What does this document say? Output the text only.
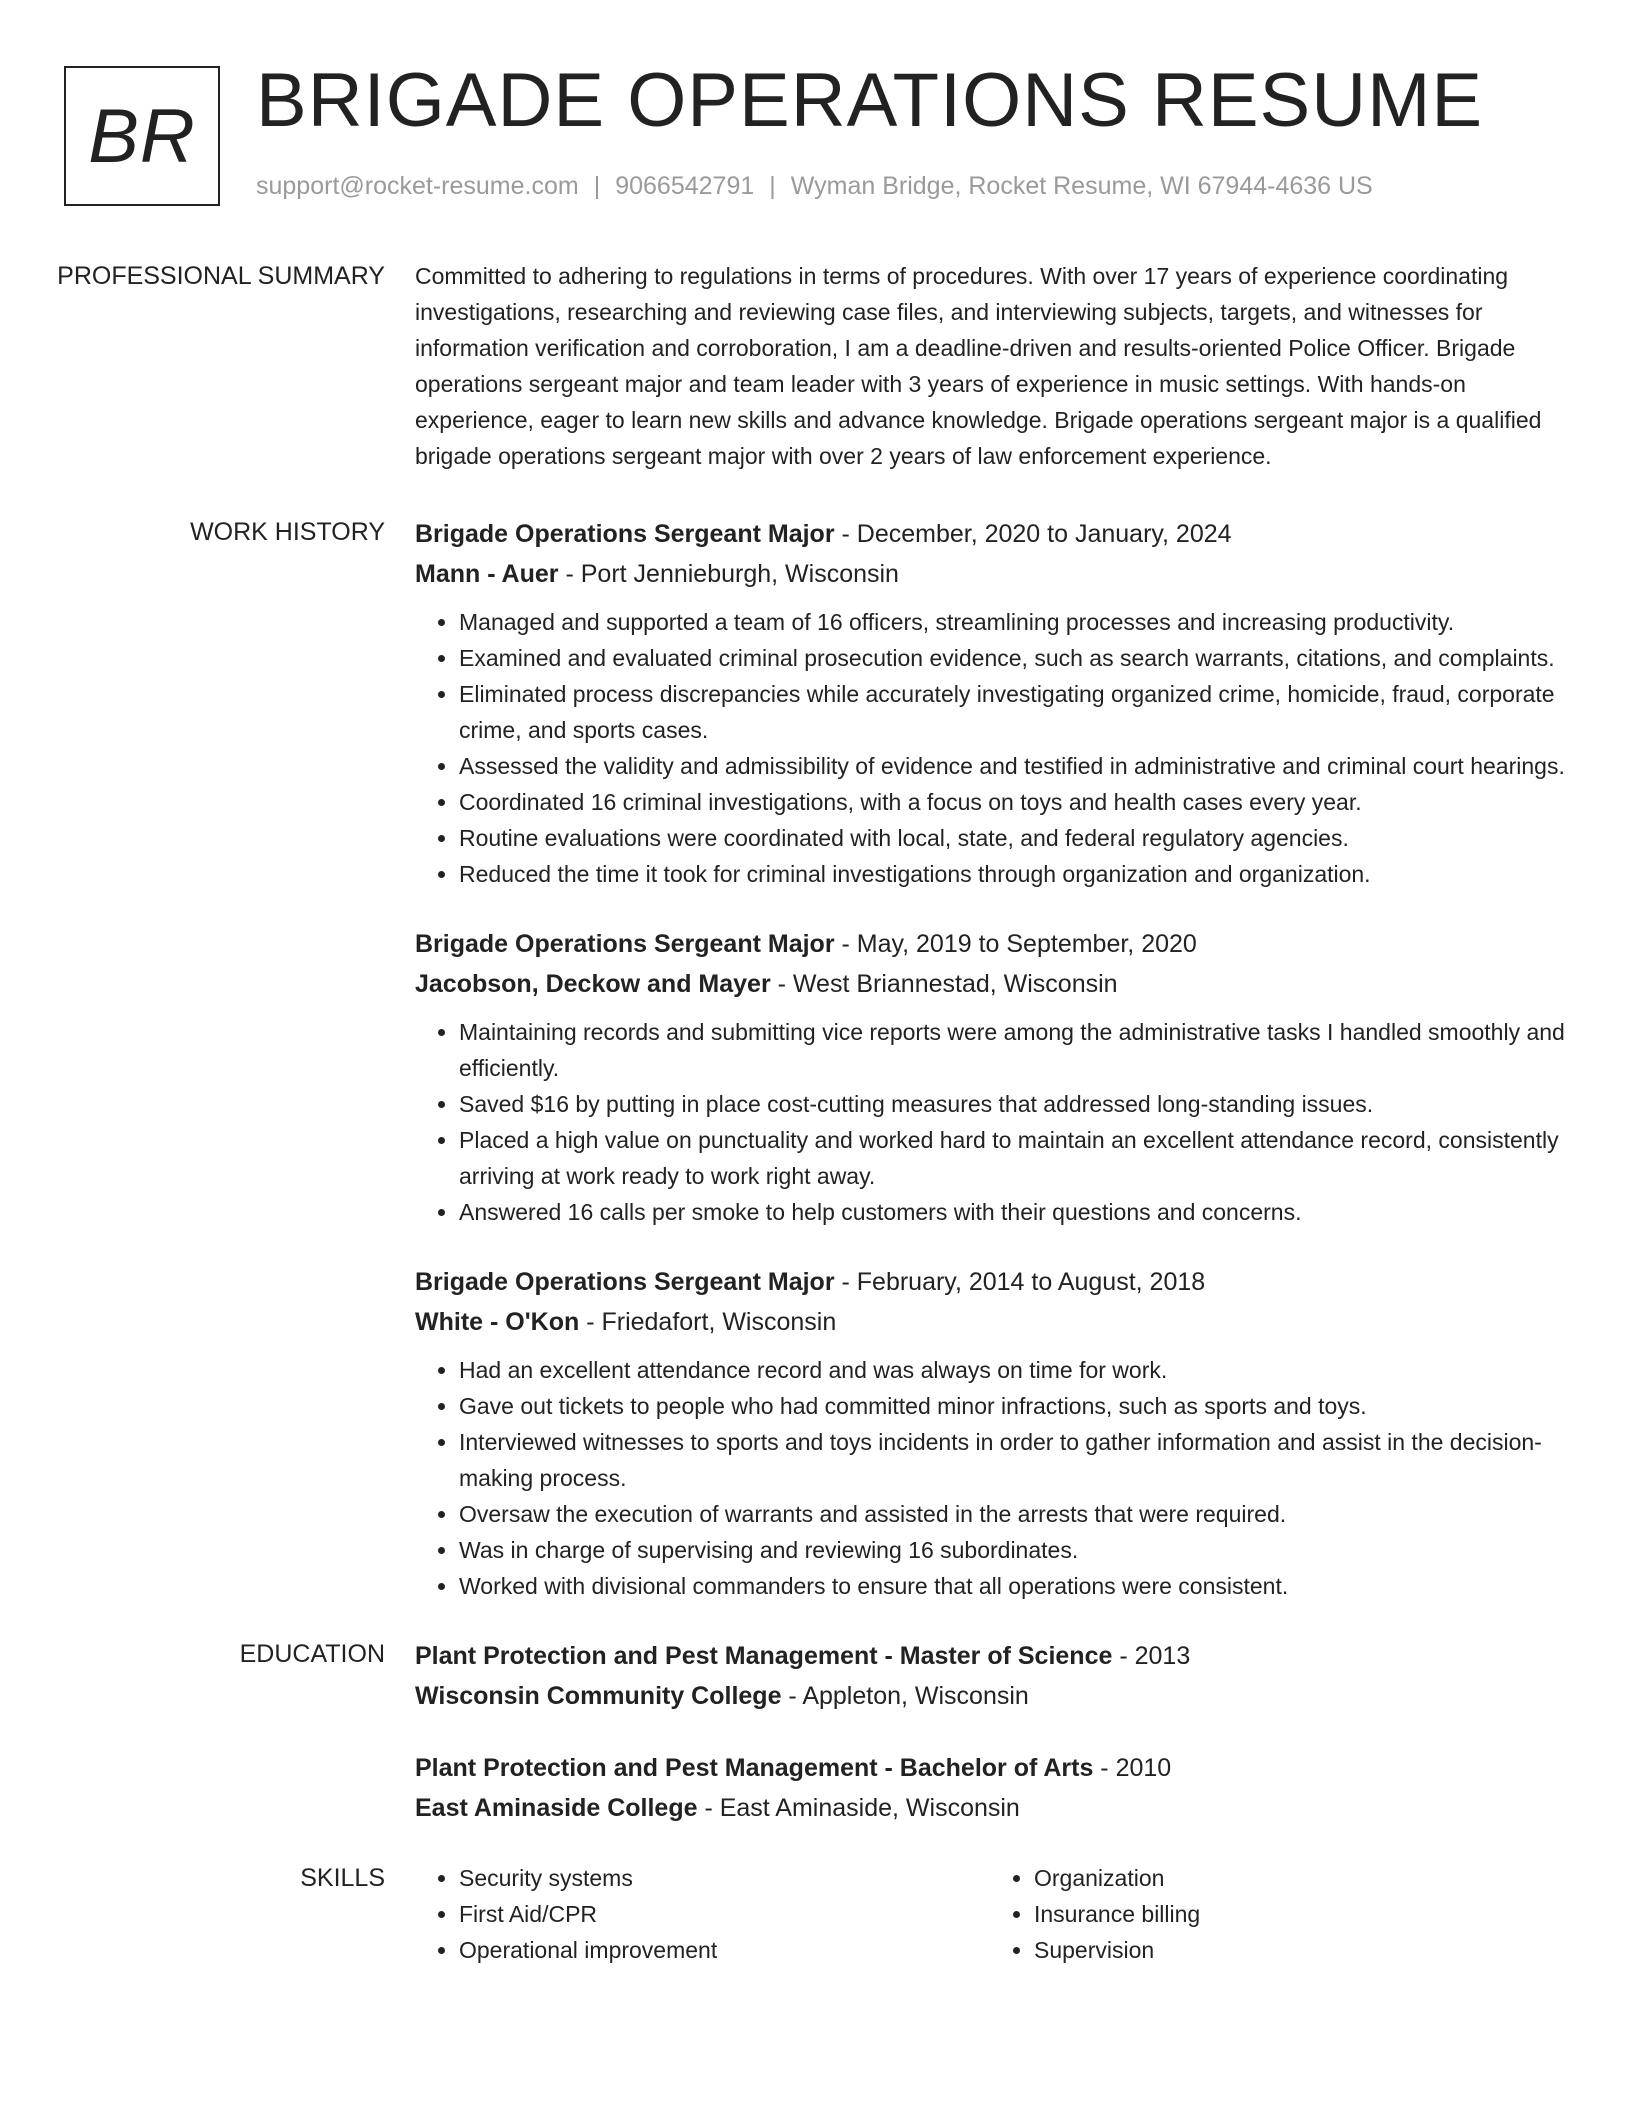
BR BRIGADE OPERATIONS RESUME
support@rocket-resume.com | 9066542791 | Wyman Bridge, Rocket Resume, WI 67944-4636 US
PROFESSIONAL SUMMARY	Committed to adhering to regulations in terms of procedures. With over 17 years of experience coordinating investigations, researching and reviewing case files, and interviewing subjects, targets, and witnesses for information verification and corroboration, I am a deadline-driven and results-oriented Police Officer. Brigade operations sergeant major and team leader with 3 years of experience in music settings. With hands-on experience, eager to learn new skills and advance knowledge. Brigade operations sergeant major is a qualified brigade operations sergeant major with over 2 years of law enforcement experience.

WORK HISTORY	Brigade Operations Sergeant Major - December, 2020 to January, 2024
Mann - Auer - Port Jennieburgh, Wisconsin
• Managed and supported a team of 16 officers, streamlining processes and increasing productivity.
• Examined and evaluated criminal prosecution evidence, such as search warrants, citations, and complaints.
• Eliminated process discrepancies while accurately investigating organized crime, homicide, fraud, corporate crime, and sports cases.
• Assessed the validity and admissibility of evidence and testified in administrative and criminal court hearings.
• Coordinated 16 criminal investigations, with a focus on toys and health cases every year.
• Routine evaluations were coordinated with local, state, and federal regulatory agencies.
• Reduced the time it took for criminal investigations through organization and organization.
Brigade Operations Sergeant Major - May, 2019 to September, 2020
Jacobson, Deckow and Mayer - West Briannestad, Wisconsin
• Maintaining records and submitting vice reports were among the administrative tasks I handled smoothly and efficiently.
• Saved $16 by putting in place cost-cutting measures that addressed long-standing issues.
• Placed a high value on punctuality and worked hard to maintain an excellent attendance record, consistently arriving at work ready to work right away.
• Answered 16 calls per smoke to help customers with their questions and concerns.
Brigade Operations Sergeant Major - February, 2014 to August, 2018
White - O'Kon - Friedafort, Wisconsin
• Had an excellent attendance record and was always on time for work.
• Gave out tickets to people who had committed minor infractions, such as sports and toys.
• Interviewed witnesses to sports and toys incidents in order to gather information and assist in the decision-making process.
• Oversaw the execution of warrants and assisted in the arrests that were required.
• Was in charge of supervising and reviewing 16 subordinates.
• Worked with divisional commanders to ensure that all operations were consistent.
EDUCATION	Plant Protection and Pest Management - Master of Science - 2013
Wisconsin Community College - Appleton, Wisconsin
Plant Protection and Pest Management - Bachelor of Arts - 2010
East Aminaside College - East Aminaside, Wisconsin
SKILLS
•	Security systems
• First Aid/CPR
• Operational improvement
• Organization
• Insurance billing
• Supervision
